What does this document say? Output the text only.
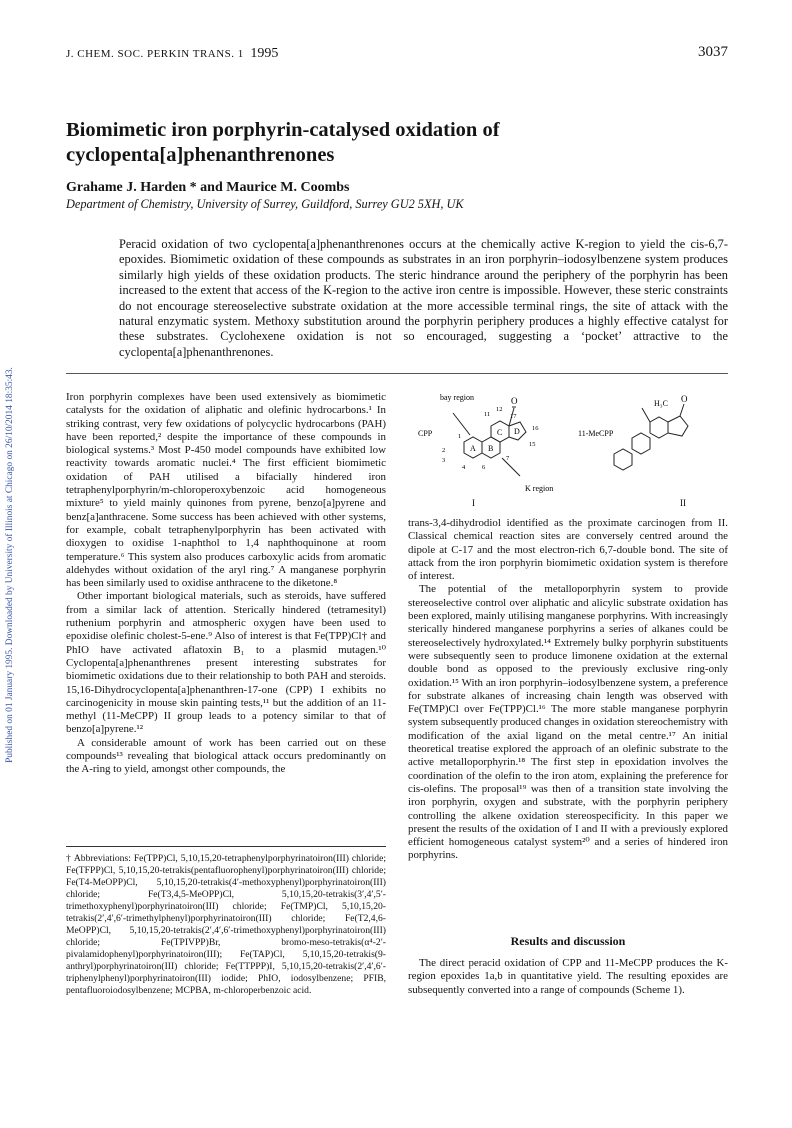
J. CHEM. SOC. PERKIN TRANS. 1 1995	3037
Published on 01 January 1995. Downloaded by University of Illinois at Chicago on 26/10/2014 18:35:43.
Biomimetic iron porphyrin-catalysed oxidation of cyclopenta[a]phenanthrenones
Grahame J. Harden * and Maurice M. Coombs
Department of Chemistry, University of Surrey, Guildford, Surrey GU2 5XH, UK
Peracid oxidation of two cyclopenta[a]phenanthrenones occurs at the chemically active K-region to yield the cis-6,7-epoxides. Biomimetic oxidation of these compounds as substrates in an iron porphyrin–iodosylbenzene system produces similarly high yields of these oxidation products. The steric hindrance around the periphery of the porphyrin has been increased to the extent that access of the K-region to the active iron centre is impossible. However, these steric constraints do not encourage stereoselective substrate oxidation at the more accessible terminal rings, the site of attack with the natural enzymatic system. Methoxy substitution around the porphyrin periphery produces a highly effective catalyst for these substrates. Cyclohexene oxidation is not so encouraged, suggesting a ‘pocket’ attractive to the cyclopenta[a]phenanthrenones.

Iron porphyrin complexes have been used extensively as biomimetic catalysts for the oxidation of aliphatic and olefinic hydrocarbons.¹ In striking contrast, very few oxidations of polycyclic hydrocarbons (PAH) have been reported,² despite the importance of these compounds in biological systems.³ Most P-450 model compounds have exhibited low reactivity towards aromatic nuclei.⁴ The first efficient biomimetic oxidation of PAH utilised a bifacially hindered iron tetraphenylporphyrin/m-chloroperoxybenzoic acid homogeneous mixture⁵ to yield mainly quinones from pyrene, benzo[a]pyrene and benz[a]anthracene. Some success has been achieved with other systems, for example, cobalt tetraphenylporphyrin has been activated with dioxygen to oxidise 1-naphthol to 1,4 naphthoquinone at room temperature.⁶ This system also produces carboxylic acids from aromatic aldehydes without oxidation of the aryl ring.⁷ A manganese porphyrin has been similarly used to oxidise anthracene to the diketone.⁸

Other important biological materials, such as steroids, have suffered from a similar lack of attention. Sterically hindered (tetramesityl) ruthenium porphyrin and atmospheric oxygen have been used to epoxidise olefinic cholest-5-ene.⁹ Also of interest is that Fe(TPP)Cl† and PhIO have activated aflatoxin B₁ to a plasmid mutagen.¹⁰ Cyclopenta[a]phenanthrenes present interesting substrates for biomimetic oxidations due to their relationship to both PAH and steroids. 15,16-Dihydrocyclopenta[a]phenanthren-17-one (CPP) I exhibits no carcinogenicity in mouse skin painting tests,¹¹ but the addition of an 11-methyl (11-MeCPP) II group leads to a potency similar to that of benzo[a]pyrene.¹²

A considerable amount of work has been carried out on these compounds¹³ revealing that biological attack occurs predominantly on the A-ring to yield, amongst other compounds, the

† Abbreviations: Fe(TPP)Cl, 5,10,15,20-tetraphenylporphyrinatoiron(III) chloride; Fe(TFPP)Cl, 5,10,15,20-tetrakis(pentafluorophenyl)porphyrinatoiron(III) chloride; Fe(T4-MeOPP)Cl, 5,10,15,20-tetrakis(4′-methoxyphenyl)porphyrinatoiron(III) chloride; Fe(T3,4,5-MeOPP)Cl, 5,10,15,20-tetrakis(3′,4′,5′-trimethoxyphenyl)porphyrinatoiron(III) chloride; Fe(TMP)Cl, 5,10,15,20-tetrakis(2′,4′,6′-trimethylphenyl)porphyrinatoiron(III) chloride; Fe(T2,4,6-MeOPP)Cl, 5,10,15,20-tetrakis(2′,4′,6′-trimethoxyphenyl)porphyrinatoiron(III) chloride; Fe(TPIVPP)Br, bromo-meso-tetrakis(α⁴-2′-pivalamidophenyl)porphyrinatoiron(III); Fe(TAP)Cl, 5,10,15,20-tetrakis(9-anthryl)porphyrinatoiron(III) chloride; Fe(TTPPP)I, 5,10,15,20-tetrakis(2′,4′,6′-triphenylphenyl)porphyrinatoiron(III) iodide; PhIO, iodosylbenzene; PFIB, pentafluoroiodosylbenzene; MCPBA, m-chloroperbenzoic acid.
bay region
CPP
K region
O
A B
C D
1
2
3
4	6
7
11
12
15
16
17
I
11-MeCPP
H₃C O
II

trans-3,4-dihydrodiol identified as the proximate carcinogen from II. Classical chemical reaction sites are conversely centred around the dipole at C-17 and the most electron-rich 6,7-double bond. The site of attack from the iron porphyrin biomimetic oxidation system is therefore of interest.

The potential of the metalloporphyrin system to provide stereoselective control over aliphatic and alicylic substrate oxidation has been explored, mainly utilising manganese porphyrins. With increasingly sterically hindered manganese porphyrins a series of alkanes could be stereoselectively hydroxylated.¹⁴ Extremely bulky porphyrin substituents were subsequently seen to produce limonene oxidation at the external double bond as opposed to the previously exclusive ring-only oxidation.¹⁵ With an iron porphyrin–iodosylbenzene system, a preference for substrate alkanes of increasing chain length was observed with Fe(TMP)Cl over Fe(TPP)Cl.¹⁶ The more stable manganese porphyrin system subsequently produced changes in oxidation stereochemistry with modification of the axial ligand on the metal centre.¹⁷ An initial theoretical treatise explored the approach of an olefinic substrate to the active metalloporphyrin.¹⁸ The first step in epoxidation involves the coordination of the olefin to the iron atom, explaining the preference for cis-olefins. The proposal¹⁹ was then of a transition state involving the iron porphyrin, oxygen and substrate, with the porphyrin periphery controlling the alkene oxidation stereospecificity. In this paper we present the results of the oxidation of I and II with a previously explored efficient homogeneous catalyst system²⁰ and a series of hindered iron porphyrins.

Results and discussion

The direct peracid oxidation of CPP and 11-MeCPP produces the K-region epoxides 1a,b in quantitative yield. The resulting epoxides are subsequently converted into a range of compounds (Scheme 1).
